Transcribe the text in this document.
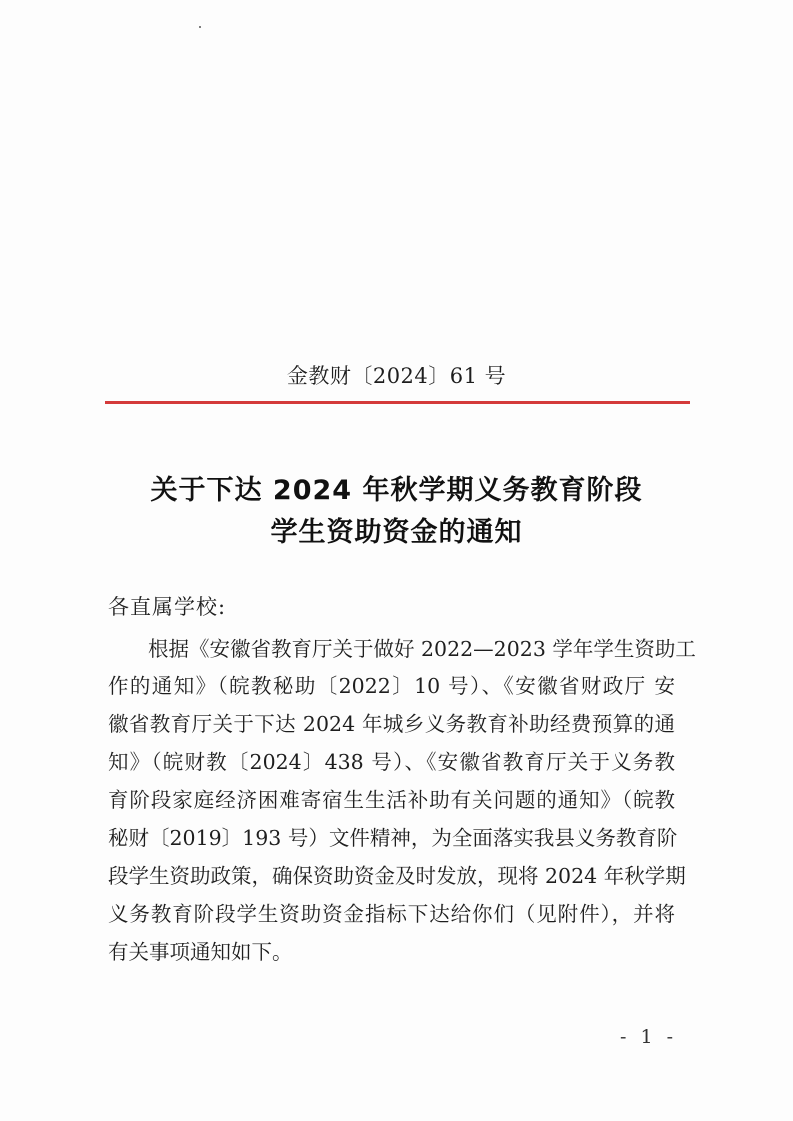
金教财〔2024〕61 号
关于下达 2024 年秋学期义务教育阶段
学生资助资金的通知
各直属学校:
根据《安徽省教育厅关于做好 2022—2023 学年学生资助工
作的通知》（皖教秘助〔2022〕10 号）、《安徽省财政厅 安
徽省教育厅关于下达 2024 年城乡义务教育补助经费预算的通
知》（皖财教〔2024〕438 号）、《安徽省教育厅关于义务教
育阶段家庭经济困难寄宿生生活补助有关问题的通知》（皖教
秘财〔2019〕193 号）文件精神，为全面落实我县义务教育阶
段学生资助政策，确保资助资金及时发放，现将 2024 年秋学期
义务教育阶段学生资助资金指标下达给你们（见附件），并将
有关事项通知如下。
- 1 -
